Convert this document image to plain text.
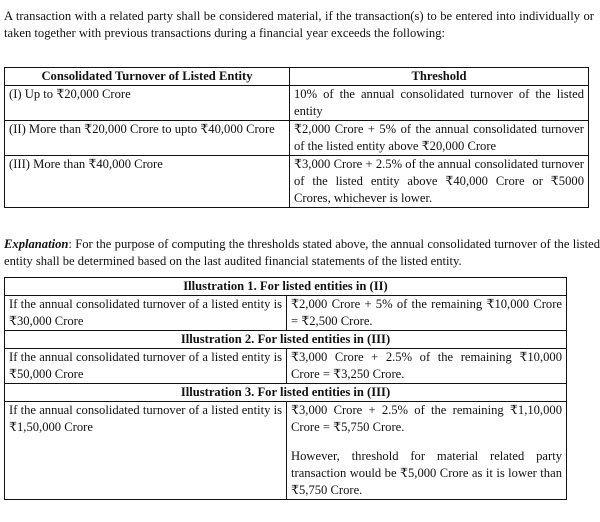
A transaction with a related party shall be considered material, if the transaction(s) to be entered into individually or taken together with previous transactions during a financial year exceeds the following:
Consolidated Turnover of Listed Entity	Threshold
(I) Up to ₹20,000 Crore	10% of the annual consolidated turnover of the listed entity
(II) More than ₹20,000 Crore to upto ₹40,000 Crore	₹2,000 Crore + 5% of the annual consolidated turnover of the listed entity above ₹20,000 Crore
(III) More than ₹40,000 Crore	₹3,000 Crore + 2.5% of the annual consolidated turnover of the listed entity above ₹40,000 Crore or ₹5000 Crores, whichever is lower.
Explanation: For the purpose of computing the thresholds stated above, the annual consolidated turnover of the listed entity shall be determined based on the last audited financial statements of the listed entity.
Illustration 1. For listed entities in (II)	
If the annual consolidated turnover of a listed entity is ₹30,000 Crore	₹2,000 Crore + 5% of the remaining ₹10,000 Crore = ₹2,500 Crore.
Illustration 2. For listed entities in (III)	
If the annual consolidated turnover of a listed entity is ₹50,000 Crore	₹3,000 Crore + 2.5% of the remaining ₹10,000 Crore = ₹3,250 Crore.
Illustration 3. For listed entities in (III)	
If the annual consolidated turnover of a listed entity is ₹1,50,000 Crore	₹3,000 Crore + 2.5% of the remaining ₹1,10,000 Crore = ₹5,750 Crore.
However, threshold for material related party transaction would be ₹5,000 Crore as it is lower than ₹5,750 Crore.
